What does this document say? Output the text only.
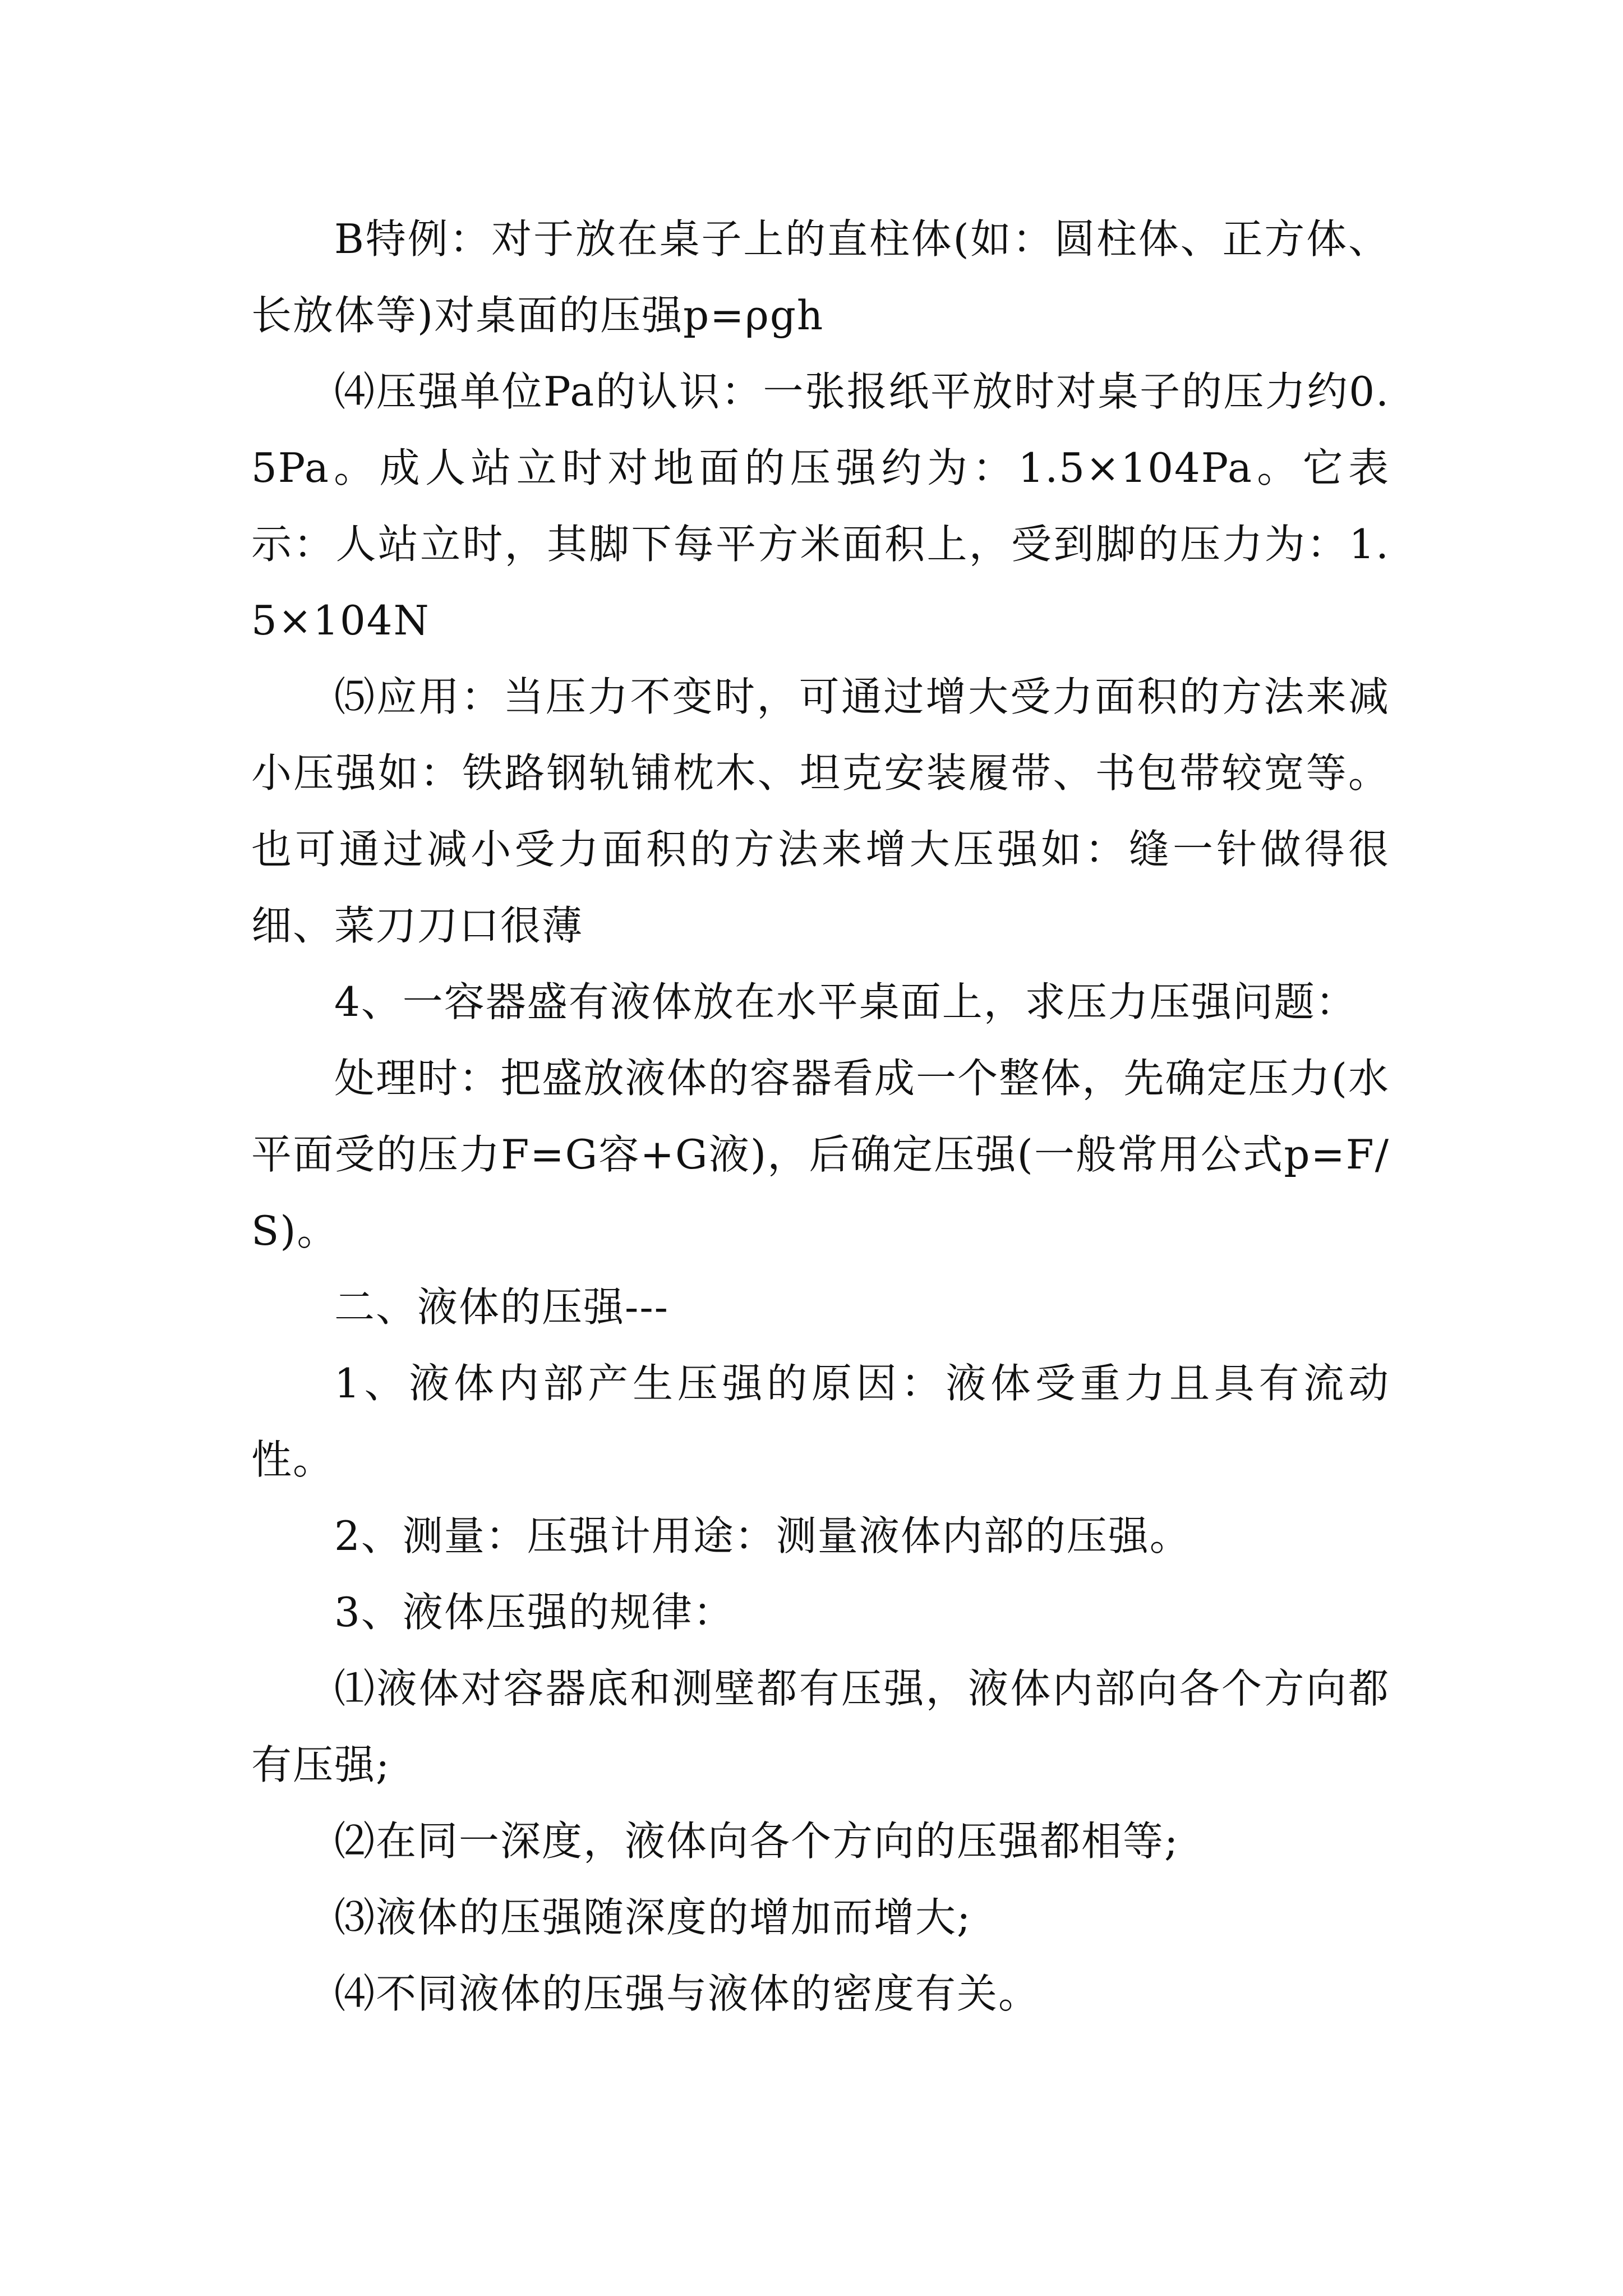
B特例：对于放在桌子上的直柱体(如：圆柱体、正方体、长放体等)对桌面的压强p=ρgh

⑷压强单位Pa的认识：一张报纸平放时对桌子的压力约0.5Pa。成人站立时对地面的压强约为：1.5×104Pa。它表示：人站立时，其脚下每平方米面积上，受到脚的压力为：1.5×104N

⑸应用：当压力不变时，可通过增大受力面积的方法来减小压强如：铁路钢轨铺枕木、坦克安装履带、书包带较宽等。也可通过减小受力面积的方法来增大压强如：缝一针做得很细、菜刀刀口很薄

4、一容器盛有液体放在水平桌面上，求压力压强问题：

处理时：把盛放液体的容器看成一个整体，先确定压力(水平面受的压力F=G容+G液)，后确定压强(一般常用公式p=F/S)。

二、液体的压强---

1、液体内部产生压强的原因：液体受重力且具有流动性。

2、测量：压强计用途：测量液体内部的压强。

3、液体压强的规律：

⑴液体对容器底和测壁都有压强，液体内部向各个方向都有压强;

⑵在同一深度，液体向各个方向的压强都相等;

⑶液体的压强随深度的增加而增大;

⑷不同液体的压强与液体的密度有关。
